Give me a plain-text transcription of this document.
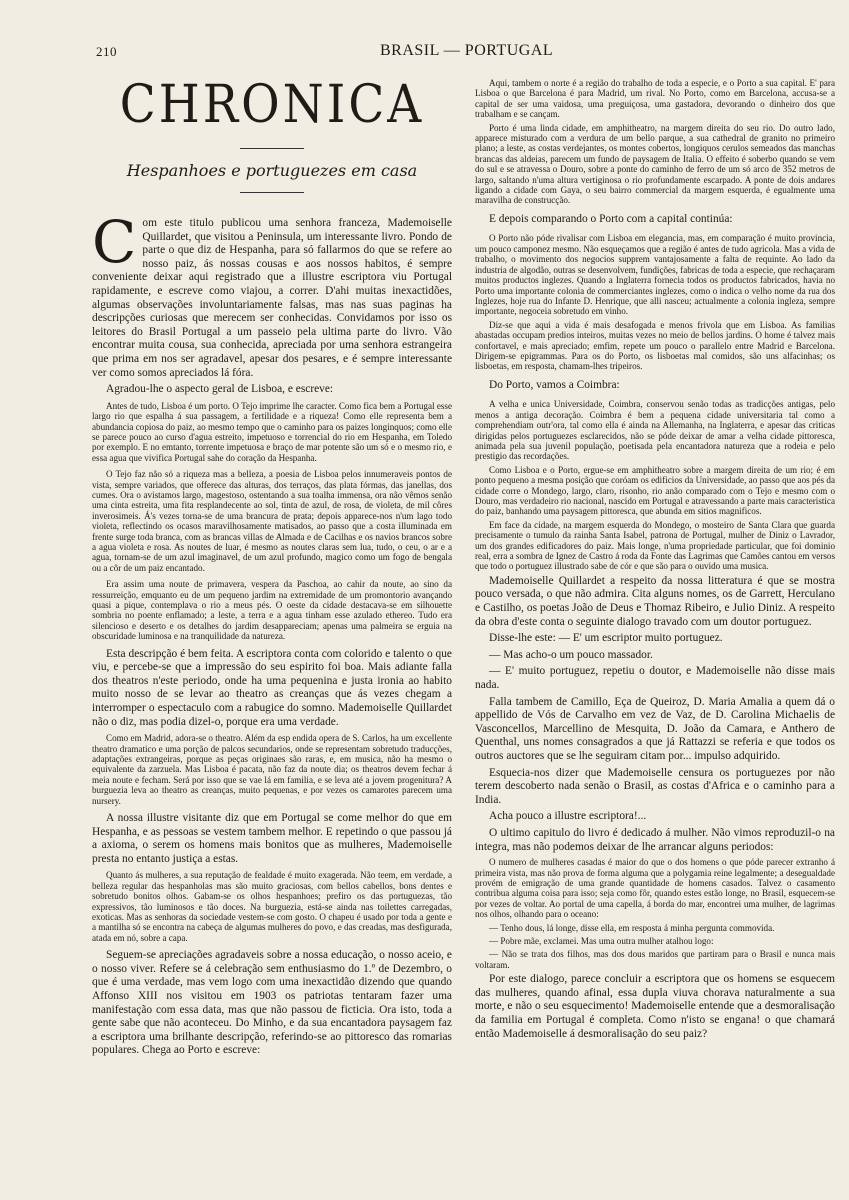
210	BRASIL — PORTUGAL
CHRONICA
Hespanhoes e portuguezes em casa

Com este titulo publicou uma senhora franceza, Mademoiselle Quillardet, que visitou a Peninsula, um interessante livro. Pondo de parte o que diz de Hespanha, para só fallarmos do que se refere ao nosso paiz, ás nossas cousas e aos nossos habitos, é sempre conveniente deixar aqui registrado que a illustre escriptora viu Portugal rapidamente, e escreve como viajou, a correr. D'ahi muitas inexactidões, algumas observações involuntariamente falsas, mas nas suas paginas ha descripções curiosas que merecem ser conhecidas. Convidamos por isso os leitores do Brasil Portugal a um passeio pela ultima parte do livro. Vão encontrar muita cousa, sua conhecida, apreciada por uma senhora estrangeira que prima em nos ser agradavel, apesar dos pesares, e é sempre interessante ver como somos apreciados lá fóra.

Agradou-lhe o aspecto geral de Lisboa, e escreve:

Antes de tudo, Lisboa é um porto. O Tejo imprime lhe caracter. Como fica bem a Portugal esse largo rio que espalha á sua passagem, a fertilidade e a riqueza! Como elle representa bem a abundancia copiosa do paiz, ao mesmo tempo que o caminho para os paizes longinquos; como elle se parece pouco ao curso d'agua estreito, impetuoso e torrencial do rio em Hespanha, em Toledo por exemplo. E no emtanto, torrente impetuosa e braço de mar potente são um só e o mesmo rio, e essa agua que vivifica Portugal sahe do coração da Hespanha.

O Tejo faz não só a riqueza mas a belleza, a poesia de Lisboa pelos innumeraveis pontos de vista, sempre variados, que offerece das alturas, dos terraços, das plata fórmas, das janellas, dos cumes. Ora o avistamos largo, magestoso, ostentando a sua toalha immensa, ora não vêmos senão uma cinta estreita, uma fita resplandecente ao sol, tinta de azul, de rosa, de violeta, de mil côres inverosimeis. Á's vezes torna-se de uma brancura de prata; depois apparece-nos n'um lago todo violeta, reflectindo os ocasos maravilhosamente matisados, ao passo que a costa illuminada em frente surge toda branca, com as brancas villas de Almada e de Cacilhas e os navios brancos sobre a agua violeta e rosa. As noutes de luar, é mesmo as noutes claras sem lua, tudo, o ceu, o ar e a agua, tornam-se de um azul imaginavel, de um azul profundo, magico como um fogo de bengala ou a côr de um paiz encantado.

Era assim uma noute de primavera, vespera da Paschoa, ao cahir da noute, ao sino da ressurreição, emquanto eu de um pequeno jardim na extremidade de um promontorio avançando quasi a pique, contemplava o rio a meus pés. O oeste da cidade destacava-se em silhouette sombria no poente enflamado; a leste, a terra e a agua tinham esse azulado ethereo. Tudo era silencioso e deserto e os detalhes do jardim desappareciam; apenas uma palmeira se erguia na obscuridade luminosa e na tranquilidade da natureza.

Esta descripção é bem feita. A escriptora conta com colorido e talento o que viu, e percebe-se que a impressão do seu espirito foi boa. Mais adiante falla dos theatros n'este periodo, onde ha uma pequenina e justa ironia ao habito muito nosso de se levar ao theatro as creanças que ás vezes chegam a interromper o espectaculo com a rabugice do somno. Mademoiselle Quillardet não o diz, mas podia dizel-o, porque era uma verdade.

Como em Madrid, adora-se o theatro. Além da esp endida opera de S. Carlos, ha um excellente theatro dramatico e uma porção de palcos secundarios, onde se representam sobretudo traducções, adaptações extrangeiras, porque as peças originaes são raras, e, em musica, não ha mesmo o equivalente da zarzuela. Mas Lisboa é pacata, não faz da noute dia; os theatros devem fechar á meia noute e fecham. Será por isso que se vae lá em familia, e se leva até a jovem progenitura? A burguezia leva ao theatro as creanças, muito pequenas, e por vezes os camarotes parecem uma nursery.

A nossa illustre visitante diz que em Portugal se come melhor do que em Hespanha, e as pessoas se vestem tambem melhor. E repetindo o que passou já a axioma, o serem os homens mais bonitos que as mulheres, Mademoiselle presta no entanto justiça a estas.

Quanto ás mulheres, a sua reputação de fealdade é muito exagerada. Não teem, em verdade, a belleza regular das hespanholas mas são muito graciosas, com bellos cabellos, bons dentes e sobretudo bonitos olhos. Gabam-se os olhos hespanhoes; prefiro os das portuguezas, tão expressivos, tão luminosos e tão doces. Na burguezia, está-se ainda nas toilettes carregadas, exoticas. Mas as senhoras da sociedade vestem-se com gosto. O chapeu é usado por toda a gente e a mantilha só se encontra na cabeça de algumas mulheres do povo, e das creadas, mas desfigurada, atada em nó, sobre a capa.

Seguem-se apreciações agradaveis sobre a nossa educação, o nosso aceio, e o nosso viver. Refere se á celebração sem enthusiasmo do 1.º de Dezembro, o que é uma verdade, mas vem logo com uma inexactidão dizendo que quando Affonso XIII nos visitou em 1903 os patriotas tentaram fazer uma manifestação com essa data, mas que não passou de ficticia. Ora isto, toda a gente sabe que não aconteceu. Do Minho, e da sua encantadora paysagem faz a escriptora uma brilhante descripção, referindo-se ao pittoresco das romarias populares. Chega ao Porto e escreve:

Aqui, tambem o norte é a região do trabalho de toda a especie, e o Porto a sua capital. E' para Lisboa o que Barcelona é para Madrid, um rival. No Porto, como em Barcelona, accusa-se a capital de ser uma vaidosa, uma preguiçosa, uma gastadora, devorando o dinheiro dos que trabalham e se cançam.

Porto é uma linda cidade, em amphitheatro, na margem direita do seu rio. Do outro lado, apparece misturado com a verdura de um bello parque, a sua cathedral de granito no primeiro plano; a leste, as costas verdejantes, os montes cobertos, longiquos cerulos semeados das manchas brancas das aldeias, parecem um fundo de paysagem de Italia. O effeito é soberbo quando se vem do sul e se atravessa o Douro, sobre a ponte do caminho de ferro de um só arco de 352 metros de largo, saltando n'uma altura vertiginosa o rio profundamente escarpado. A ponte de dois andares ligando a cidade com Gaya, o seu bairro commercial da margem esquerda, é egualmente uma maravilha de construcção.

E depois comparando o Porto com a capital continúa:

O Porto não póde rivalisar com Lisboa em elegancia, mas, em comparação é muito provincia, um pouco camponez mesmo. Não esqueçamos que a região é antes de tudo agricola. Mas a vida de trabalho, o movimento dos negocios supprem vantajosamente a falta de requinte. Ao lado da industria de algodão, outras se desenvolvem, fundições, fabricas de toda a especie, que rechaçaram muitos productos inglezes. Quando a Inglaterra fornecia todos os productos fabricados, havia no Porto uma importante colonia de commerciantes inglezes, como o indica o velho nome da rua dos Inglezes, hoje rua do Infante D. Henrique, que alli nasceu; actualmente a colonia ingleza, sempre importante, negoceia sobretudo em vinho.

Diz-se que aqui a vida é mais desafogada e menos frivola que em Lisboa. As familias abastadas occupam predios inteiros, muitas vezes no meio de bellos jardins. O home é talvez mais confortavel, e mais apreciado; emfim, repete um pouco o parallelo entre Madrid e Barcelona. Dirigem-se epigrammas. Para os do Porto, os lisboetas mal comidos, são uns alfacinhas; os lisboetas, em resposta, chamam-lhes tripeiros.

Do Porto, vamos a Coimbra:

A velha e unica Universidade, Coimbra, conservou senão todas as tradicções antigas, pelo menos a antiga decoração. Coimbra é bem a pequena cidade universitaria tal como a comprehendiam outr'ora, tal como ella é ainda na Allemanha, na Inglaterra, e apesar das criticas dirigidas pelos portuguezes esclarecidos, não se póde deixar de amar a velha cidade pittoresca, animada pela sua juvenil população, poetisada pela encantadora natureza que a rodeia e pelo prestigio das recordações.

Como Lisboa e o Porto, ergue-se em amphitheatro sobre a margem direita de um rio; é em ponto pequeno a mesma posição que coróam os edificios da Universidade, ao passo que aos pés da cidade corre o Mondego, largo, claro, risonho, rio anão comparado com o Tejo e mesmo com o Douro, mas verdadeiro rio nacional, nascido em Portugal e atravessando a parte mais caracteristica do paiz, banhando uma paysagem pittoresca, que abunda em sitios magnificos.

Em face da cidade, na margem esquerda do Mondego, o mosteiro de Santa Clara que guarda precisamente o tumulo da rainha Santa Isabel, patrona de Portugal, mulher de Diniz o Lavrador, um dos grandes edificadores do paiz. Mais longe, n'uma propriedade particular, que foi dominio real, erra a sombra de Ignez de Castro á roda da Fonte das Lagrimas que Camões cantou em versos que todo o portuguez illustrado sabe de cór e que são para o ouvido uma musica.

Mademoiselle Quillardet a respeito da nossa litteratura é que se mostra pouco versada, o que não admira. Cita alguns nomes, os de Garrett, Herculano e Castilho, os poetas João de Deus e Thomaz Ribeiro, e Julio Diniz. A respeito da obra d'este conta o seguinte dialogo travado com um doutor portuguez.

Disse-lhe este: — E' um escriptor muito portuguez.

— Mas acho-o um pouco massador.

— E' muito portuguez, repetiu o doutor, e Mademoiselle não disse mais nada.

Falla tambem de Camillo, Eça de Queiroz, D. Maria Amalia a quem dá o appellido de Vós de Carvalho em vez de Vaz, de D. Carolina Michaelis de Vasconcellos, Marcellino de Mesquita, D. João da Camara, e Anthero de Quenthal, uns nomes consagrados a que já Rattazzi se referia e que todos os outros auctores que se lhe seguiram citam por... impulso adquirido.

Esquecia-nos dizer que Mademoiselle censura os portuguezes por não terem descoberto nada senão o Brasil, as costas d'Africa e o caminho para a India.

Acha pouco a illustre escriptora!...

O ultimo capitulo do livro é dedicado á mulher. Não vimos reproduzil-o na integra, mas não podemos deixar de lhe arrancar alguns periodos:

O numero de mulheres casadas é maior do que o dos homens o que póde parecer extranho á primeira vista, mas não prova de forma alguma que a polygamia reine legalmente; a desegualdade provém de emigração de uma grande quantidade de homens casados. Talvez o casamento contribua alguma coisa para isso; seja como fôr, quando estes estão longe, no Brasil, esquecem-se por vezes de voltar. Ao portal de uma capella, á borda do mar, encontrei uma mulher, de lagrimas nos olhos, olhando para o oceano:

— Tenho dous, lá longe, disse ella, em resposta á minha pergunta commovida.

— Pobre mãe, exclamei. Mas uma outra mulher atalhou logo:

— Não se trata dos filhos, mas dos dous maridos que partiram para o Brasil e nunca mais voltaram.

Por este dialogo, parece concluir a escriptora que os homens se esquecem das mulheres, quando afinal, essa dupla viuva chorava naturalmente a sua morte, e não o seu esquecimento! Mademoiselle entende que a desmoralisação da familia em Portugal é completa. Como n'isto se engana! o que chamará então Mademoiselle á desmoralisação do seu paiz?
